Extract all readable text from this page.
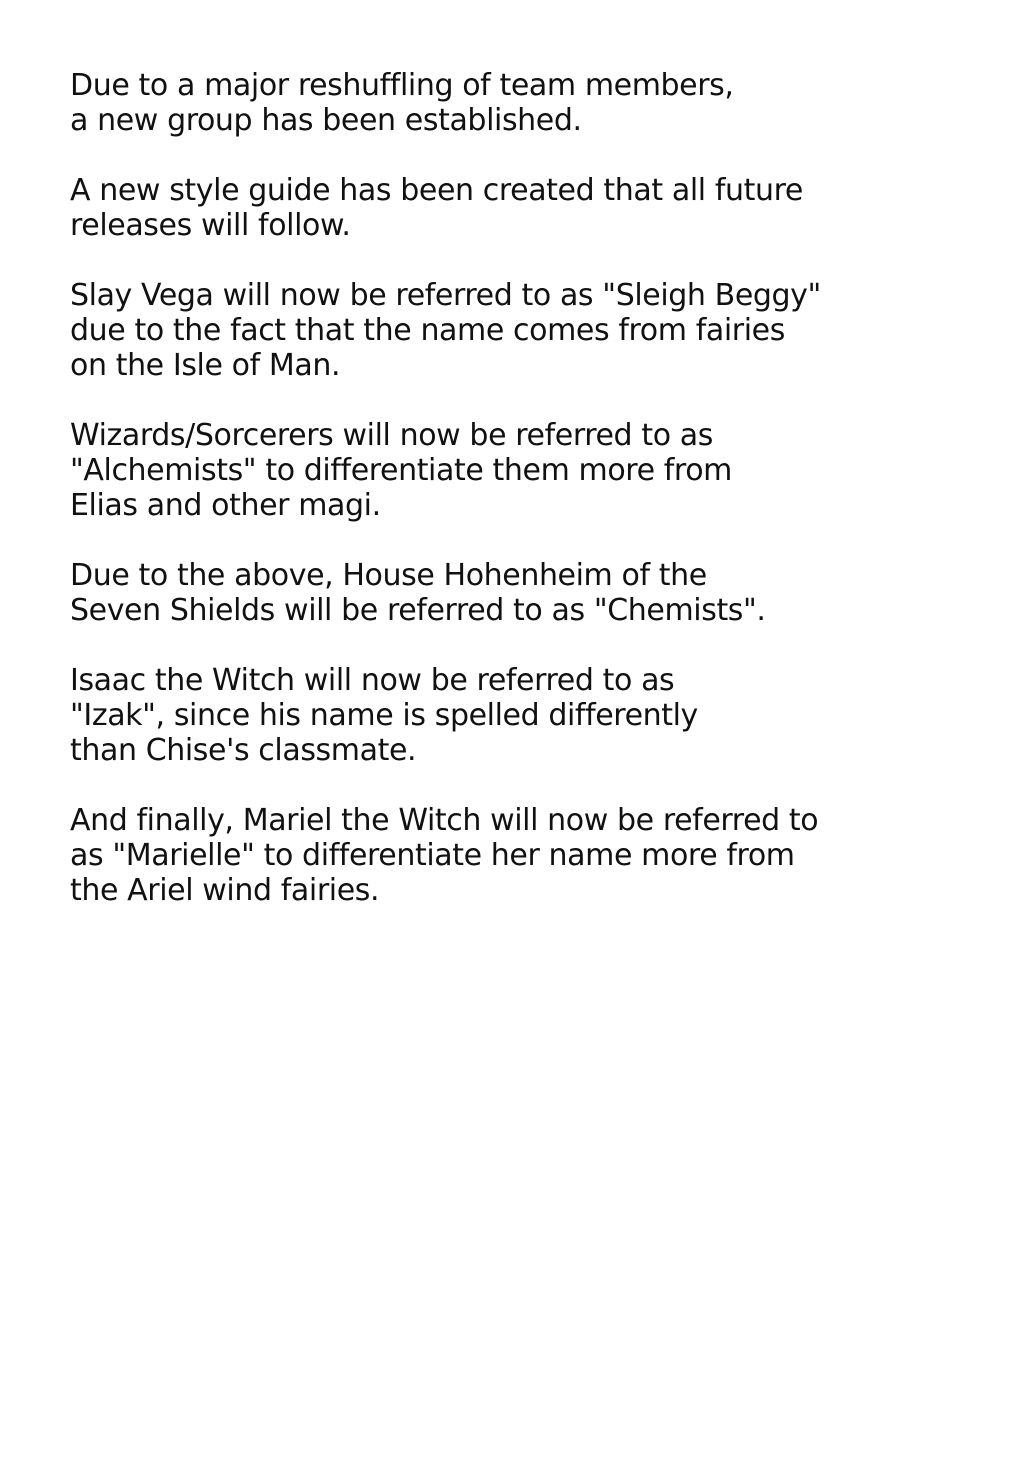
Due to a major reshuffling of team members,
a new group has been established.

A new style guide has been created that all future
releases will follow.

Slay Vega will now be referred to as "Sleigh Beggy"
due to the fact that the name comes from fairies
on the Isle of Man.

Wizards/Sorcerers will now be referred to as
"Alchemists" to differentiate them more from
Elias and other magi.

Due to the above, House Hohenheim of the
Seven Shields will be referred to as "Chemists".

Isaac the Witch will now be referred to as
"Izak", since his name is spelled differently
than Chise's classmate.

And finally, Mariel the Witch will now be referred to
as "Marielle" to differentiate her name more from
the Ariel wind fairies.
